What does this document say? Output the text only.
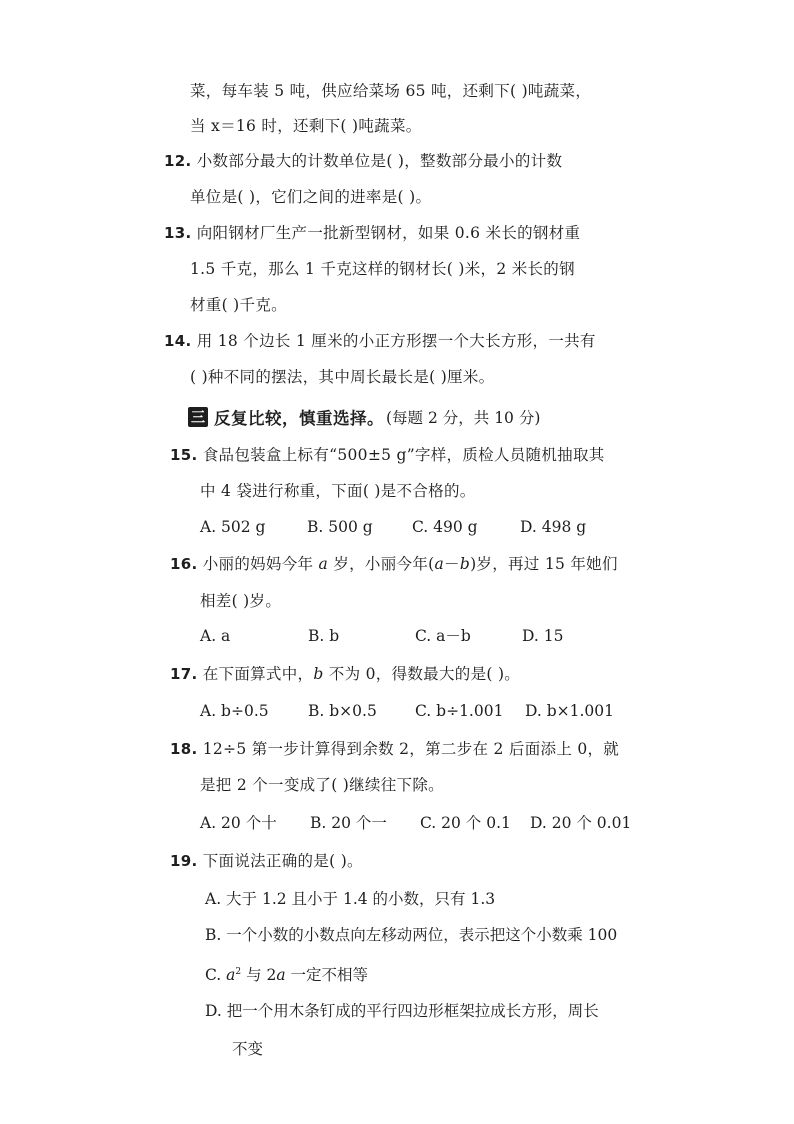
菜，每车装 5 吨，供应给菜场 65 吨，还剩下( )吨蔬菜，
当 x＝16 时，还剩下( )吨蔬菜。
12. 小数部分最大的计数单位是( )，整数部分最小的计数
单位是( )，它们之间的进率是( )。
13. 向阳钢材厂生产一批新型钢材，如果 0.6 米长的钢材重
1.5 千克，那么 1 千克这样的钢材长( )米，2 米长的钢
材重( )千克。
14. 用 18 个边长 1 厘米的小正方形摆一个大长方形，一共有
( )种不同的摆法，其中周长最长是( )厘米。
三 反复比较，慎重选择。 (每题 2 分，共 10 分)
15. 食品包装盒上标有“500±5 g”字样，质检人员随机抽取其
中 4 袋进行称重，下面( )是不合格的。
A. 502 g	B. 500 g	C. 490 g	D. 498 g
16. 小丽的妈妈今年 a 岁，小丽今年(a－b)岁，再过 15 年她们
相差( )岁。
A. a	B. b	C. a－b	D. 15
17. 在下面算式中，b 不为 0，得数最大的是( )。
A. b÷0.5	B. b×0.5 C. b÷1.001 D. b×1.001
18. 12÷5 第一步计算得到余数 2，第二步在 2 后面添上 0，就
是把 2 个一变成了( )继续往下除。
A. 20 个十 B. 20 个一 C. 20 个 0.1 D. 20 个 0.01
19. 下面说法正确的是( )。
A. 大于 1.2 且小于 1.4 的小数，只有 1.3
B. 一个小数的小数点向左移动两位，表示把这个小数乘 100
C. $a^2$ 与 2a 一定不相等
D. 把一个用木条钉成的平行四边形框架拉成长方形，周长
不变
